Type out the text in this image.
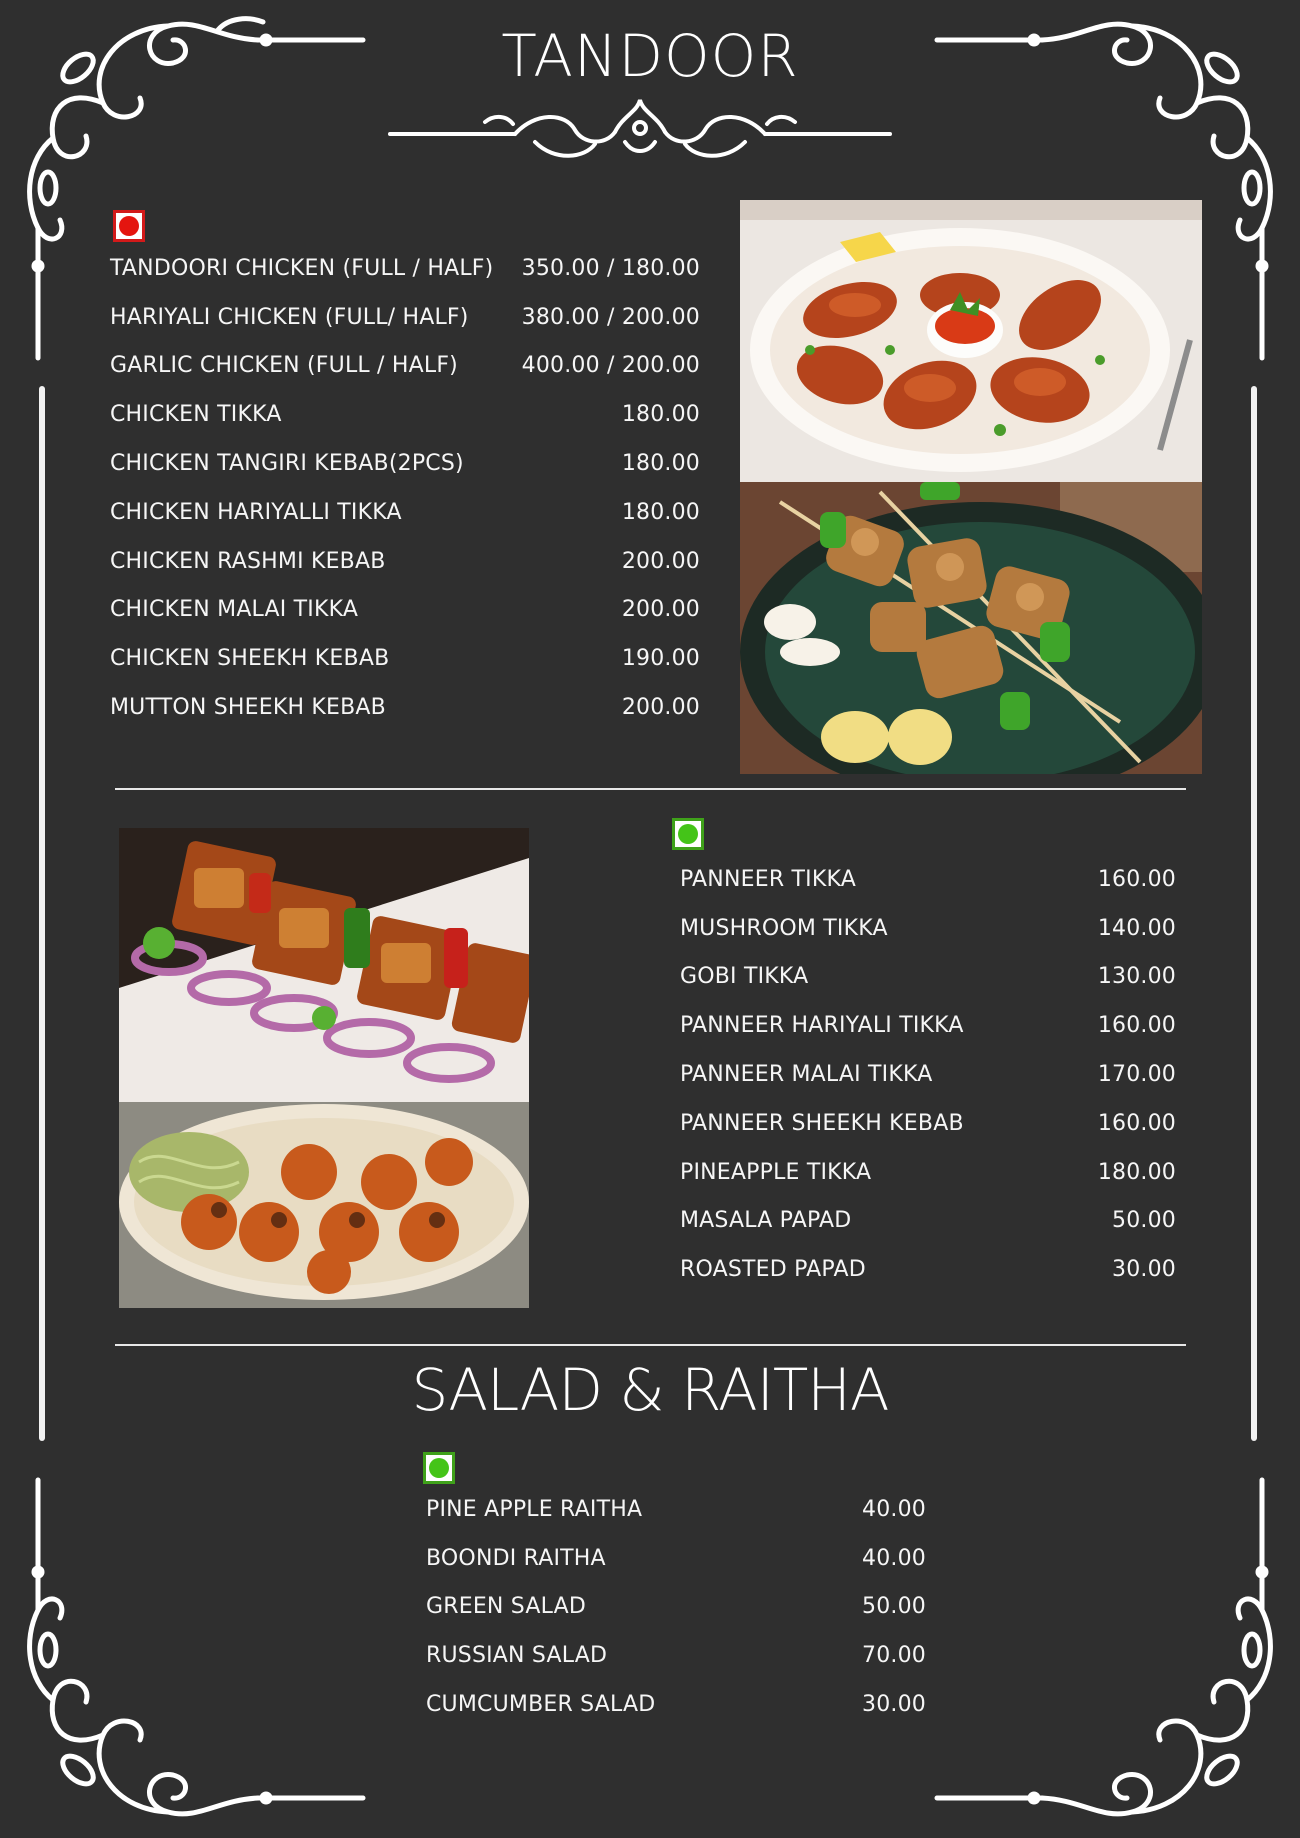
TANDOOR
TANDOORI CHICKEN (FULL / HALF) 350.00 / 180.00
HARIYALI CHICKEN (FULL/ HALF) 380.00 / 200.00
GARLIC CHICKEN (FULL / HALF)	400.00 / 200.00
CHICKEN TIKKA	180.00
CHICKEN TANGIRI KEBAB(2PCS)	180.00
CHICKEN HARIYALLI TIKKA	180.00
CHICKEN RASHMI KEBAB	200.00
CHICKEN MALAI TIKKA	200.00
CHICKEN SHEEKH KEBAB	190.00
MUTTON SHEEKH KEBAB	200.00
PANNEER TIKKA	160.00
MUSHROOM TIKKA	140.00
GOBI TIKKA	130.00
PANNEER HARIYALI TIKKA	160.00
PANNEER MALAI TIKKA	170.00
PANNEER SHEEKH KEBAB	160.00
PINEAPPLE TIKKA	180.00
MASALA PAPAD	50.00
ROASTED PAPAD	30.00
SALAD & RAITHA
PINE APPLE RAITHA	40.00
BOONDI RAITHA	40.00
GREEN SALAD	50.00
RUSSIAN SALAD	70.00
CUMCUMBER SALAD	30.00
